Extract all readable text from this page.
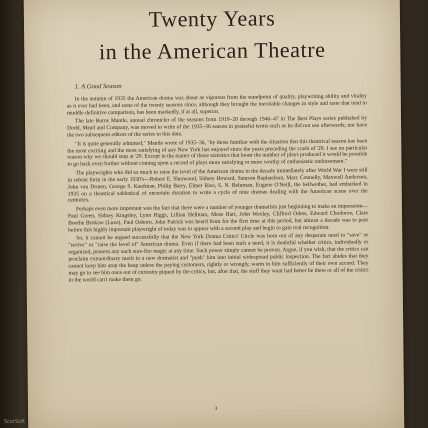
Twenty Years
in the American Theatre
1. A Good Season

In the autumn of 1935 the American drama was about as vigorous from the standpoint of quality, playwriting ability and vitality as it ever had been, and none of the twenty seasons since, although they brought the inevitable changes in style and taste that tend to muddle definitive comparison, has been markedly, if at all, superior.

The late Burns Mantle, annual chronicler of the seasons from 1919–20 through 1946–47 in The Best Plays series published by Dodd, Mead and Company, was moved to write of the 1935–36 season in praiseful terms such as he did not use afterwards; nor have the two subsequent editors of the series to this date.

"It is quite generally admitted," Mantle wrote of 1935–36, "by those familiar with the situation that this theatrical season has been the most exciting and the most satisfying of any New York has enjoyed since the years preceding the crash of '29. I see no particular reason why we should stop at '29. Except in the matter of those statistics that boast the number of plays produced it would be possible to go back even further without coming upon a record of plays more satisfying or more worthy of enthusiastic endorsement."

The playwrights who did so much to raise the level of the American drama in the decade immediately after World War I were still in robust form in the early 1930's—Robert E. Sherwood, Sidney Howard, Samson Raphaelson, Marc Connelly, Maxwell Anderson, John van Druten, George S. Kaufman, Philip Barry, Elmer Rice, S. N. Behrman, Eugene O'Neill, the bellwether, had embarked in 1935 on a theatrical sabbatical of uncertain duration to write a cycle of nine dramas dealing with the American scene over the centuries.

Perhaps even more important was the fact that there were a number of younger dramatists just beginning to make an impression—Paul Green, Sidney Kingsley, Lynn Riggs, Lillian Hellman, Moss Hart, John Wexley, Clifford Odets, Edward Chodorov, Clare Boothe Brokaw (Luce), Paul Osborn. John Patrick was heard from for the first time at this period, but almost a decade was to pass before this highly important playwright of today was to appear with a second play and begin to gain real recognition.

So, it cannot be argued successfully that the New York Drama Critics' Circle was born out of any desperate need to "save" or "revive" or "raise the level of" American drama. Even if there had been such a need, it is doubtful whether critics, individually or organized, possess any such sure-fire magic at any time. Such power simply cannot be proven. Argue, if you wish, that the critics can proclaim extraordinary merit in a new dramatist and "push" him into initial widespread public inspection. The fact abides that they cannot keep him atop the heap unless the paying customers, rightly or wrongly, warm to him sufficiently of their own accord. They may go to see him once out of curiosity piqued by the critics, but, after that, the stuff they want had better be there or all of the critics in the world can't make them go.

3
ScorSoft
